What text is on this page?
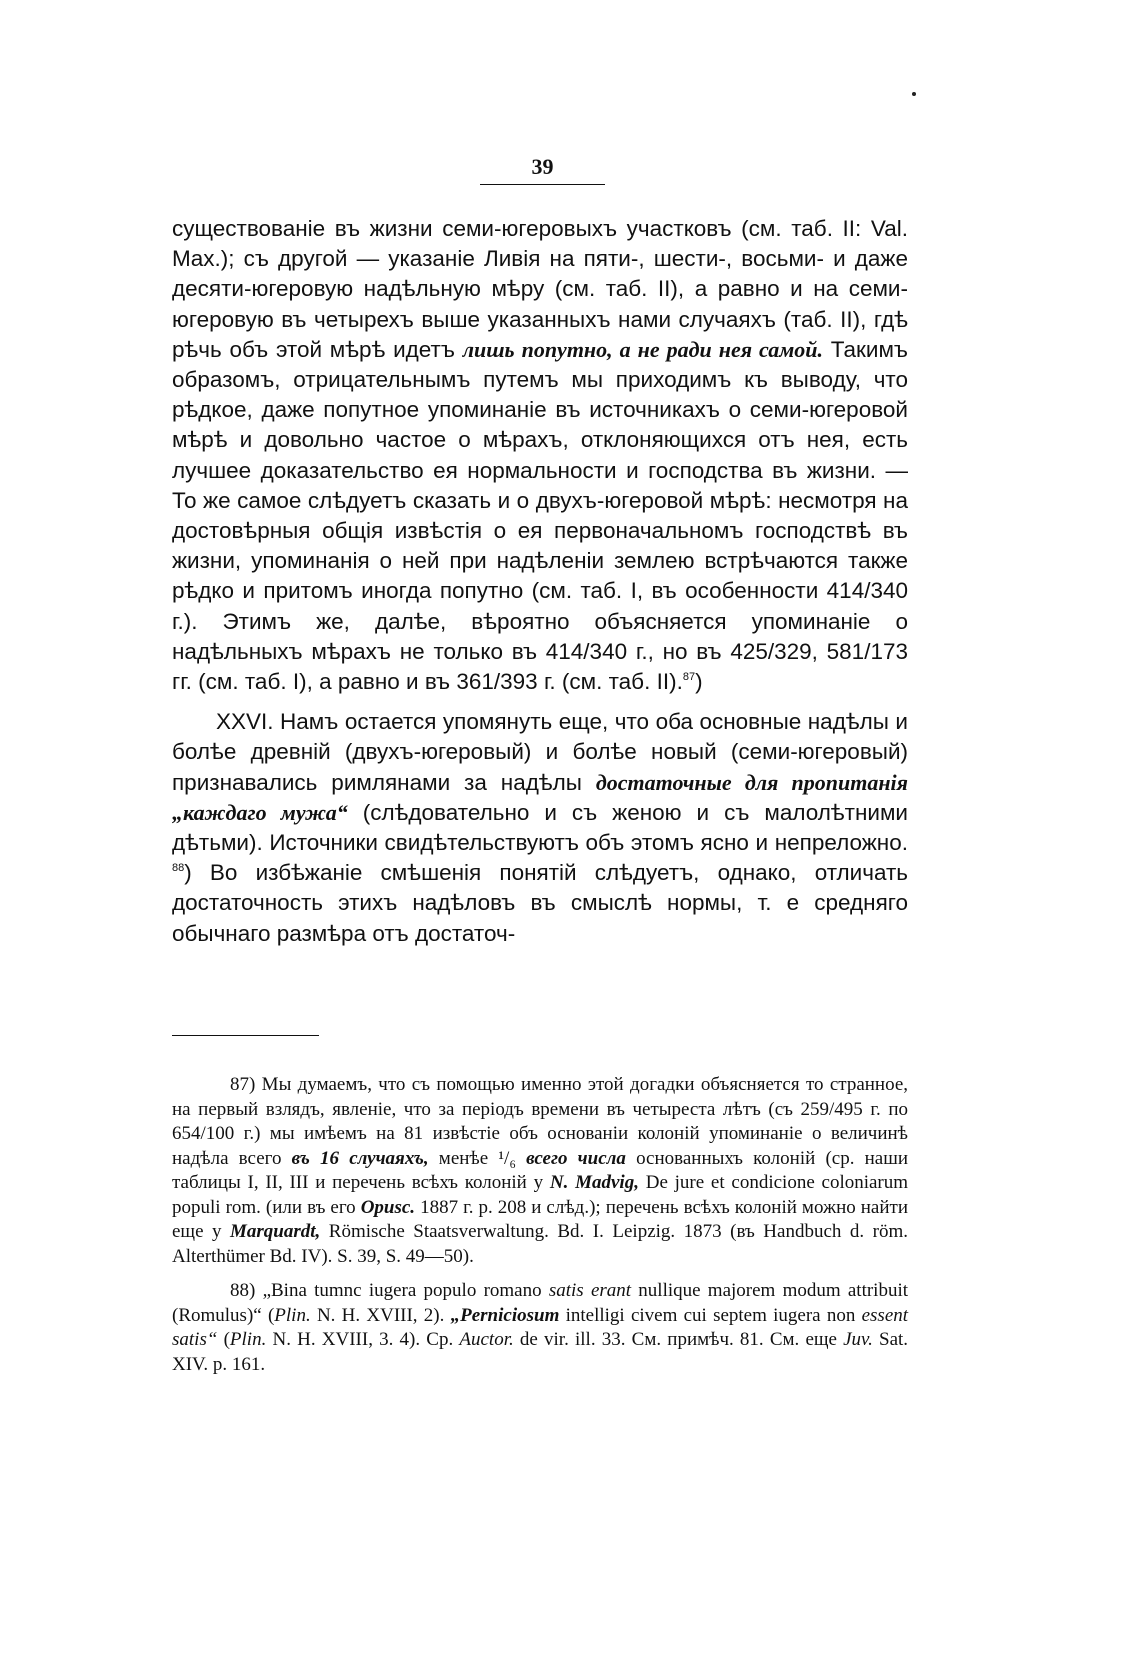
39

существованіе въ жизни семи-югеровыхъ участковъ (см. таб. II: Val. Max.); съ другой — указаніе Ливія на пяти-, шести-, восьми- и даже десяти-югеровую надѣльную мѣру (см. таб. II), а равно и на семи-югеровую въ четырехъ выше указанныхъ нами случаяхъ (таб. II), гдѣ рѣчь объ этой мѣрѣ идетъ лишь попутно, а не ради нея самой. Такимъ образомъ, отрицательнымъ путемъ мы приходимъ къ выводу, что рѣдкое, даже попутное упоминаніе въ источникахъ о семи-югеровой мѣрѣ и довольно частое о мѣрахъ, отклоняющихся отъ нея, есть лучшее доказательство ея нормальности и господства въ жизни. — То же самое слѣдуетъ сказать и о двухъ-югеровой мѣрѣ: несмотря на достовѣрныя общія извѣстія о ея первоначальномъ господствѣ въ жизни, упоминанія о ней при надѣленіи землею встрѣчаются также рѣдко и притомъ иногда попутно (см. таб. I, въ особенности 414/340 г.). Этимъ же, далѣе, вѣроятно объясняется упоминаніе о надѣльныхъ мѣрахъ не только въ 414/340 г., но въ 425/329, 581/173 гг. (см. таб. I), а равно и въ 361/393 г. (см. таб. II).$^{87}$)

XXVI. Намъ остается упомянуть еще, что оба основные надѣлы и болѣе древній (двухъ-югеровый) и болѣе новый (семи-югеровый) признавались римлянами за надѣлы достаточные для пропитанія „каждаго мужа“ (слѣдовательно и съ женою и съ малолѣтними дѣтьми). Источники свидѣтельствуютъ объ этомъ ясно и непреложно. $^{88}$) Во избѣжаніе смѣшенія понятій слѣдуетъ, однако, отличать достаточность этихъ надѣловъ въ смыслѣ нормы, т. е средняго обычнаго размѣра отъ достаточ-

87) Мы думаемъ, что съ помощью именно этой догадки объясняется то странное, на первый взлядъ, явленіе, что за періодъ времени въ четыреста лѣтъ (съ 259/495 г. по 654/100 г.) мы имѣемъ на 81 извѣстіе объ основаніи колоній упоминаніе о величинѣ надѣла всего въ 16 случаяхъ, менѣе ¹/₆ всего числа основанныхъ колоній (ср. наши таблицы I, II, III и перечень всѣхъ колоній у N. Madvig, De jure et condicione coloniarum populi rom. (или въ его Opusc. 1887 г. p. 208 и слѣд.); перечень всѣхъ колоній можно найти еще у Marquardt, Römische Staatsverwaltung. Bd. I. Leipzig. 1873 (въ Handbuch d. röm. Alterthümer Bd. IV). S. 39, S. 49—50).

88) „Bina tumnc iugera populo romano satis erant nullique majorem modum attribuit (Romulus)“ (Plin. N. H. XVIII, 2). „Perniciosum intelligi civem cui septem iugera non essent satis“ (Plin. N. H. XVIII, 3. 4). Ср. Auctor. de vir. ill. 33. См. примѣч. 81. См. еще Juv. Sat. XIV. p. 161.
